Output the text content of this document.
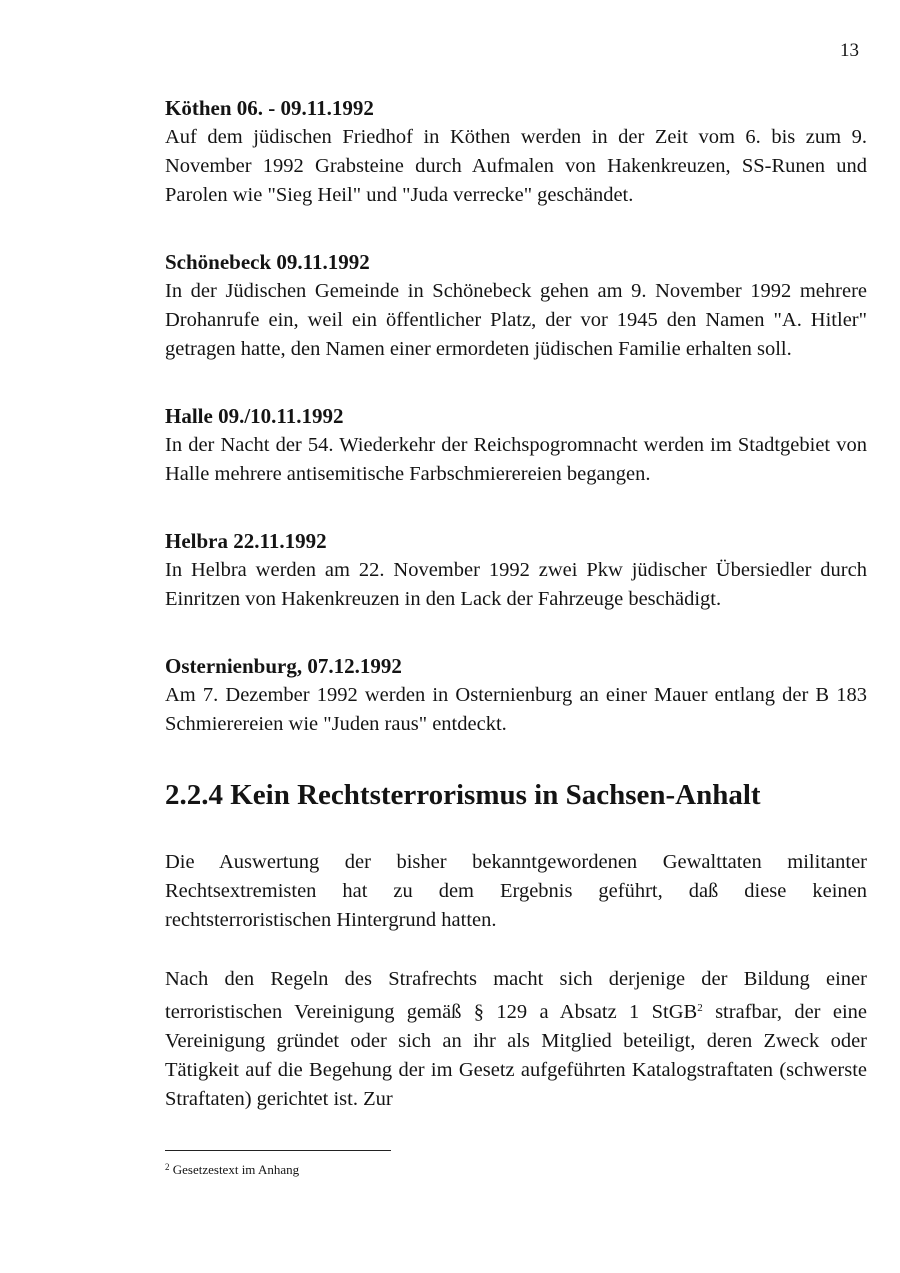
13

Köthen 06. - 09.11.1992

Auf dem jüdischen Friedhof in Köthen werden in der Zeit vom 6. bis zum 9. November 1992 Grabsteine durch Aufmalen von Hakenkreuzen, SS-Runen und Parolen wie "Sieg Heil" und "Juda verrecke" geschändet.

Schönebeck 09.11.1992

In der Jüdischen Gemeinde in Schönebeck gehen am 9. November 1992 mehrere Drohanrufe ein, weil ein öffentlicher Platz, der vor 1945 den Namen "A. Hitler" getragen hatte, den Namen einer ermordeten jüdischen Familie erhalten soll.

Halle 09./10.11.1992

In der Nacht der 54. Wiederkehr der Reichspogromnacht werden im Stadtgebiet von Halle mehrere antisemitische Farbschmierereien begangen.

Helbra 22.11.1992

In Helbra werden am 22. November 1992 zwei Pkw jüdischer Übersiedler durch Einritzen von Hakenkreuzen in den Lack der Fahrzeuge beschädigt.

Osternienburg, 07.12.1992

Am 7. Dezember 1992 werden in Osternienburg an einer Mauer entlang der B 183 Schmierereien wie "Juden raus" entdeckt.

2.2.4 Kein Rechtsterrorismus in Sachsen-Anhalt

Die Auswertung der bisher bekanntgewordenen Gewalttaten militanter Rechtsextremisten hat zu dem Ergebnis geführt, daß diese keinen rechtsterroristischen Hintergrund hatten.

Nach den Regeln des Strafrechts macht sich derjenige der Bildung einer terroristischen Vereinigung gemäß § 129 a Absatz 1 StGB$^2$ strafbar, der eine Vereinigung gründet oder sich an ihr als Mitglied beteiligt, deren Zweck oder Tätigkeit auf die Begehung der im Gesetz aufgeführten Katalogstraftaten (schwerste Straftaten) gerichtet ist. Zur

$^2$ Gesetzestext im Anhang
